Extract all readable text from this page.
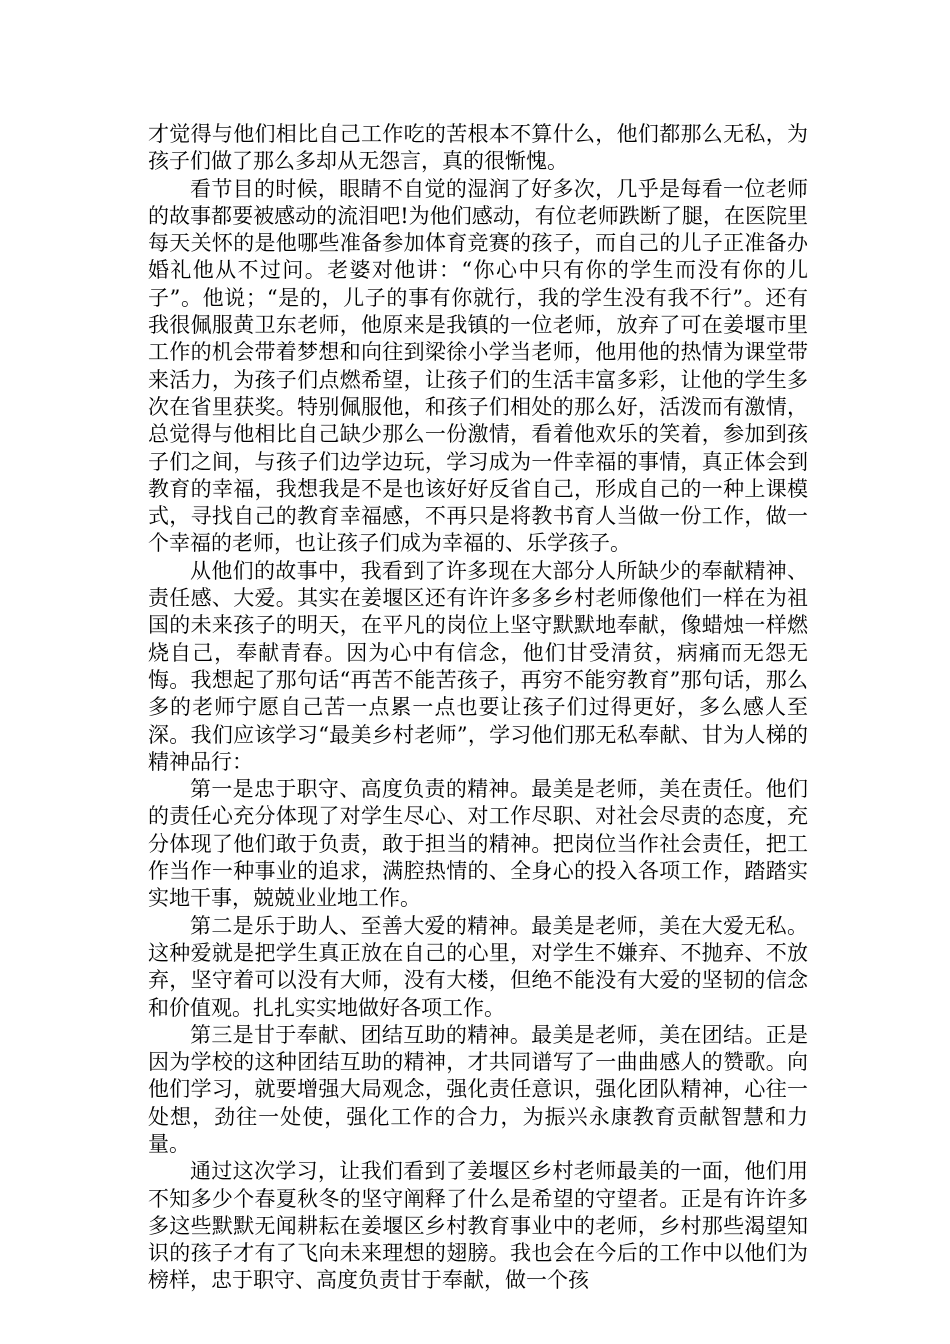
才觉得与他们相比自己工作吃的苦根本不算什么，他们都那么无私，为孩子们做了那么多却从无怨言，真的很惭愧。

看节目的时候，眼睛不自觉的湿润了好多次，几乎是每看一位老师的故事都要被感动的流泪吧!为他们感动，有位老师跌断了腿，在医院里每天关怀的是他哪些准备参加体育竞赛的孩子，而自己的儿子正准备办婚礼他从不过问。老婆对他讲：“你心中只有你的学生而没有你的儿子”。他说；“是的，儿子的事有你就行，我的学生没有我不行”。还有我很佩服黄卫东老师，他原来是我镇的一位老师，放弃了可在姜堰市里工作的机会带着梦想和向往到梁徐小学当老师，他用他的热情为课堂带来活力，为孩子们点燃希望，让孩子们的生活丰富多彩，让他的学生多次在省里获奖。特别佩服他，和孩子们相处的那么好，活泼而有激情，总觉得与他相比自己缺少那么一份激情，看着他欢乐的笑着，参加到孩子们之间，与孩子们边学边玩，学习成为一件幸福的事情，真正体会到教育的幸福，我想我是不是也该好好反省自己，形成自己的一种上课模式，寻找自己的教育幸福感，不再只是将教书育人当做一份工作，做一个幸福的老师，也让孩子们成为幸福的、乐学孩子。

从他们的故事中，我看到了许多现在大部分人所缺少的奉献精神、责任感、大爱。其实在姜堰区还有许许多多乡村老师像他们一样在为祖国的未来孩子的明天，在平凡的岗位上坚守默默地奉献，像蜡烛一样燃烧自己，奉献青春。因为心中有信念，他们甘受清贫，病痛而无怨无悔。我想起了那句话“再苦不能苦孩子，再穷不能穷教育”那句话，那么多的老师宁愿自己苦一点累一点也要让孩子们过得更好，多么感人至深。我们应该学习“最美乡村老师”，学习他们那无私奉献、甘为人梯的精神品行：

第一是忠于职守、高度负责的精神。最美是老师，美在责任。他们的责任心充分体现了对学生尽心、对工作尽职、对社会尽责的态度，充分体现了他们敢于负责，敢于担当的精神。把岗位当作社会责任，把工作当作一种事业的追求，满腔热情的、全身心的投入各项工作，踏踏实实地干事，兢兢业业地工作。

第二是乐于助人、至善大爱的精神。最美是老师，美在大爱无私。这种爱就是把学生真正放在自己的心里，对学生不嫌弃、不抛弃、不放弃，坚守着可以没有大师，没有大楼，但绝不能没有大爱的坚韧的信念和价值观。扎扎实实地做好各项工作。

第三是甘于奉献、团结互助的精神。最美是老师，美在团结。正是因为学校的这种团结互助的精神，才共同谱写了一曲曲感人的赞歌。向他们学习，就要增强大局观念，强化责任意识，强化团队精神，心往一处想，劲往一处使，强化工作的合力，为振兴永康教育贡献智慧和力量。

通过这次学习，让我们看到了姜堰区乡村老师最美的一面，他们用不知多少个春夏秋冬的坚守阐释了什么是希望的守望者。正是有许许多多这些默默无闻耕耘在姜堰区乡村教育事业中的老师，乡村那些渴望知识的孩子才有了飞向未来理想的翅膀。我也会在今后的工作中以他们为榜样，忠于职守、高度负责甘于奉献，做一个孩
